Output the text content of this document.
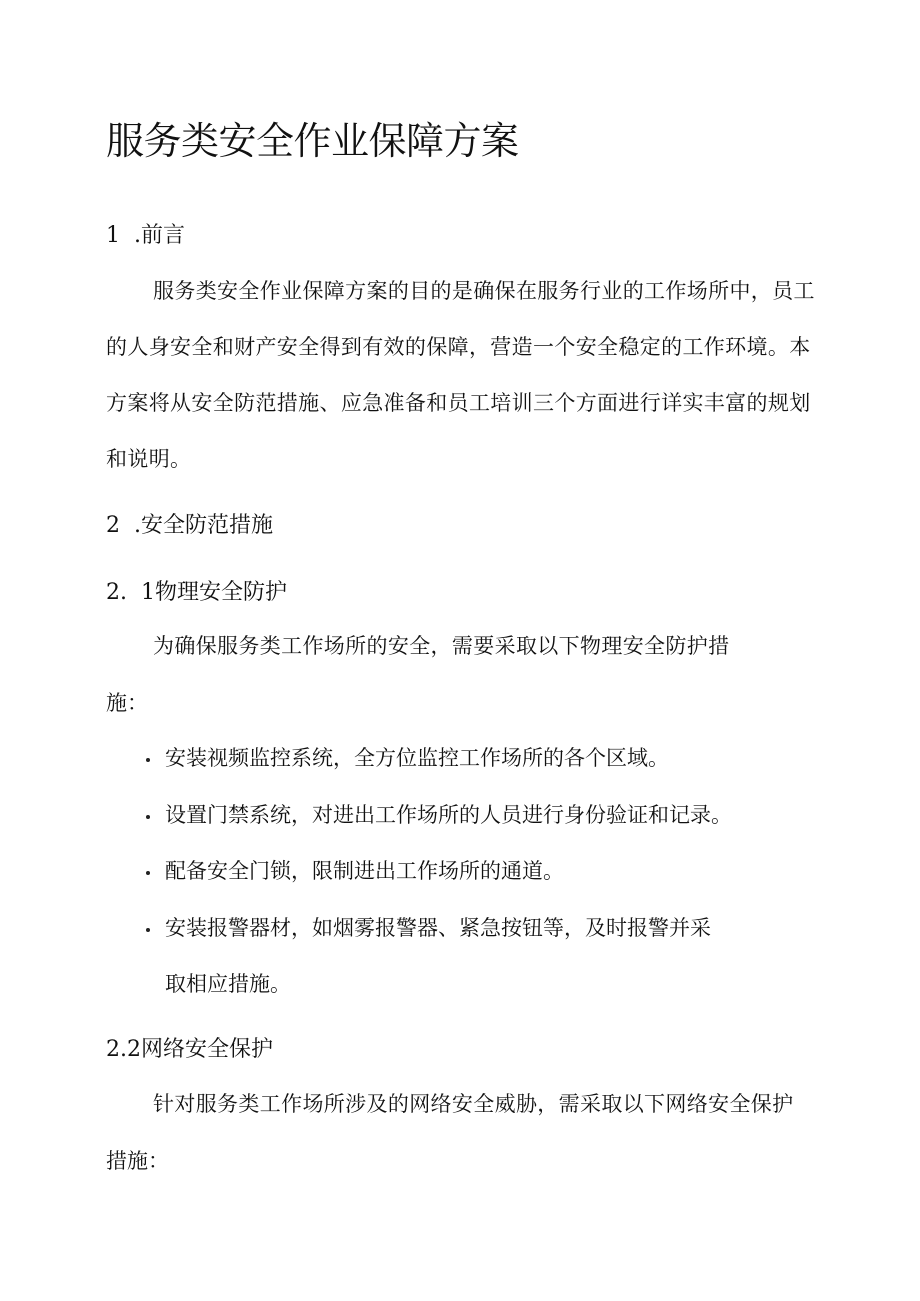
服务类安全作业保障方案
1 .前言

服务类安全作业保障方案的目的是确保在服务行业的工作场所中，员工

的人身安全和财产安全得到有效的保障，营造一个安全稳定的工作环境。本

方案将从安全防范措施、应急准备和员工培训三个方面进行详实丰富的规划

和说明。

2 .安全防范措施
2. 1物理安全防护

为确保服务类工作场所的安全，需要采取以下物理安全防护措

施：

安装视频监控系统，全方位监控工作场所的各个区域。

设置门禁系统，对进出工作场所的人员进行身份验证和记录。

配备安全门锁，限制进出工作场所的通道。

安装报警器材，如烟雾报警器、紧急按钮等，及时报警并采

取相应措施。

2.2网络安全保护

针对服务类工作场所涉及的网络安全威胁，需采取以下网络安全保护

措施：
